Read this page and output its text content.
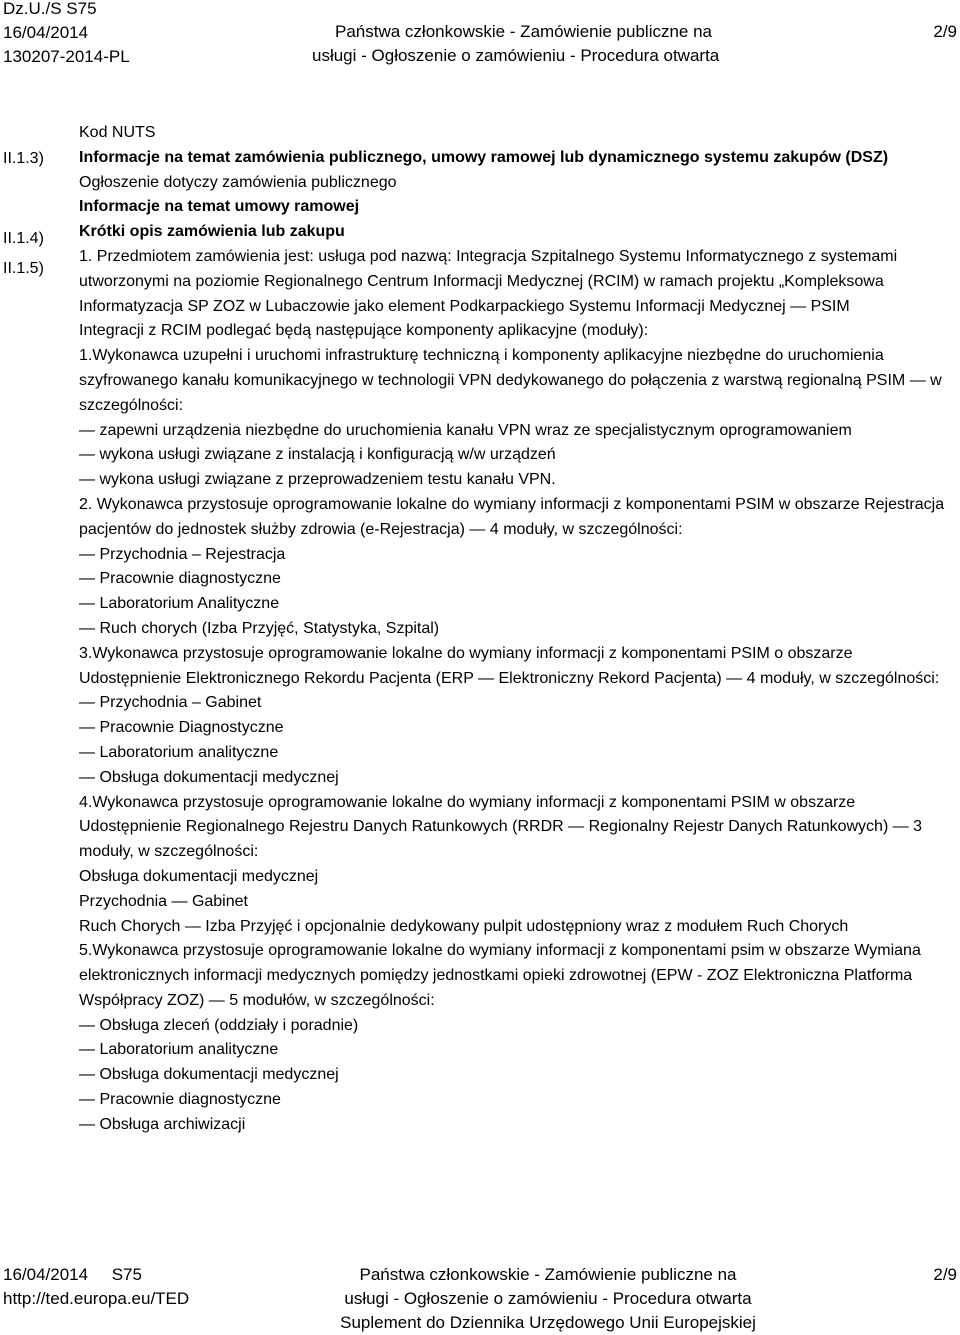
Dz.U./S S75
16/04/2014
130207-2014-PL
Państwa członkowskie - Zamówienie publiczne na
usługi - Ogłoszenie o zamówieniu - Procedura otwarta
2/9
II.1.3)
II.1.4)
II.1.5)

Kod NUTS

Informacje na temat zamówienia publicznego, umowy ramowej lub dynamicznego systemu zakupów (DSZ)

Ogłoszenie dotyczy zamówienia publicznego

Informacje na temat umowy ramowej

Krótki opis zamówienia lub zakupu

1. Przedmiotem zamówienia jest: usługa pod nazwą: Integracja Szpitalnego Systemu Informatycznego z systemami utworzonymi na poziomie Regionalnego Centrum Informacji Medycznej (RCIM) w ramach projektu „Kompleksowa Informatyzacja SP ZOZ w Lubaczowie jako element Podkarpackiego Systemu Informacji Medycznej — PSIM

Integracji z RCIM podlegać będą następujące komponenty aplikacyjne (moduły):

1.Wykonawca uzupełni i uruchomi infrastrukturę techniczną i komponenty aplikacyjne niezbędne do uruchomienia szyfrowanego kanału komunikacyjnego w technologii VPN dedykowanego do połączenia z warstwą regionalną PSIM — w szczególności:

— zapewni urządzenia niezbędne do uruchomienia kanału VPN wraz ze specjalistycznym oprogramowaniem

— wykona usługi związane z instalacją i konfiguracją w/w urządzeń

— wykona usługi związane z przeprowadzeniem testu kanału VPN.

2. Wykonawca przystosuje oprogramowanie lokalne do wymiany informacji z komponentami PSIM w obszarze Rejestracja pacjentów do jednostek służby zdrowia (e-Rejestracja) — 4 moduły, w szczególności:

— Przychodnia – Rejestracja

— Pracownie diagnostyczne

— Laboratorium Analityczne

— Ruch chorych (Izba Przyjęć, Statystyka, Szpital)

3.Wykonawca przystosuje oprogramowanie lokalne do wymiany informacji z komponentami PSIM o obszarze Udostępnienie Elektronicznego Rekordu Pacjenta (ERP — Elektroniczny Rekord Pacjenta) — 4 moduły, w szczególności:

— Przychodnia – Gabinet

— Pracownie Diagnostyczne

— Laboratorium analityczne

— Obsługa dokumentacji medycznej

4.Wykonawca przystosuje oprogramowanie lokalne do wymiany informacji z komponentami PSIM w obszarze Udostępnienie Regionalnego Rejestru Danych Ratunkowych (RRDR — Regionalny Rejestr Danych Ratunkowych) — 3 moduły, w szczególności:

Obsługa dokumentacji medycznej

Przychodnia — Gabinet

Ruch Chorych — Izba Przyjęć i opcjonalnie dedykowany pulpit udostępniony wraz z modułem Ruch Chorych

5.Wykonawca przystosuje oprogramowanie lokalne do wymiany informacji z komponentami psim w obszarze Wymiana elektronicznych informacji medycznych pomiędzy jednostkami opieki zdrowotnej (EPW - ZOZ Elektroniczna Platforma Współpracy ZOZ) — 5 modułów, w szczególności:

— Obsługa zleceń (oddziały i poradnie)

— Laboratorium analityczne

— Obsługa dokumentacji medycznej

— Pracownie diagnostyczne

— Obsługa archiwizacji

16/04/2014 S75
http://ted.europa.eu/TED
Państwa członkowskie - Zamówienie publiczne na
usługi - Ogłoszenie o zamówieniu - Procedura otwarta
Suplement do Dziennika Urzędowego Unii Europejskiej
2/9
